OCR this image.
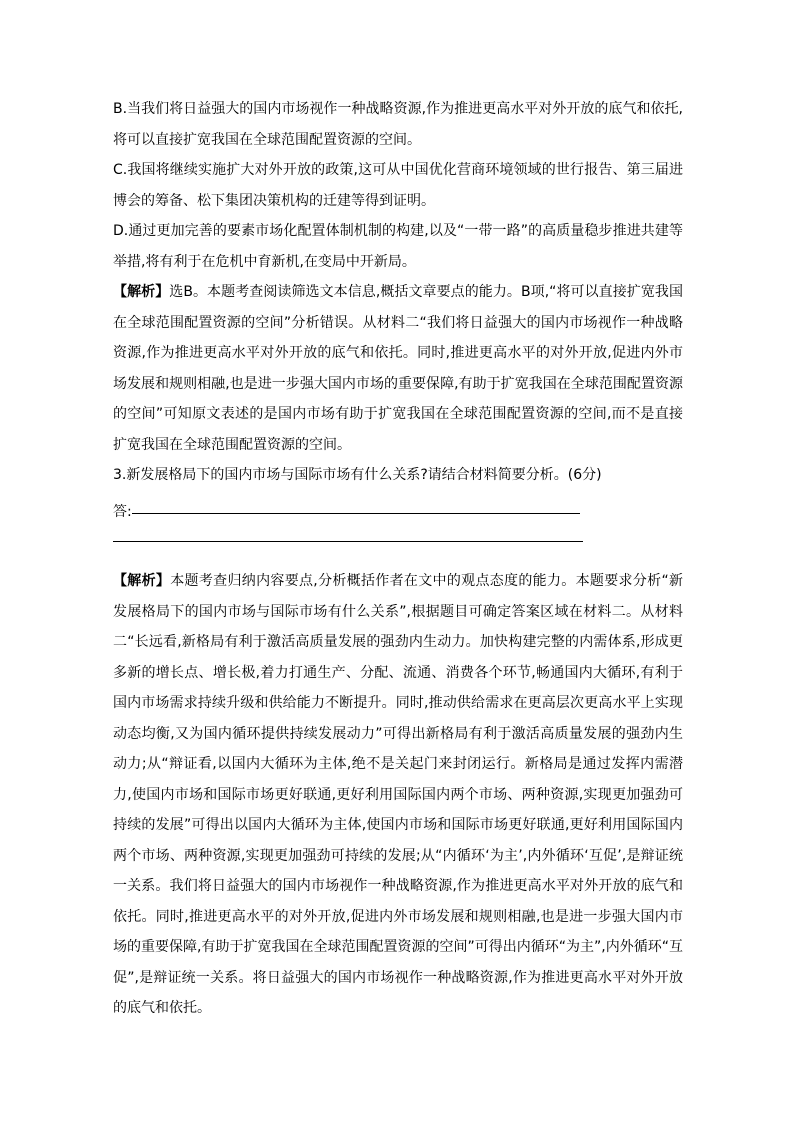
B.当我们将日益强大的国内市场视作一种战略资源,作为推进更高水平对外开放的底气和依托,将可以直接扩宽我国在全球范围配置资源的空间。

C.我国将继续实施扩大对外开放的政策,这可从中国优化营商环境领域的世行报告、第三届进博会的筹备、松下集团决策机构的迁建等得到证明。

D.通过更加完善的要素市场化配置体制机制的构建,以及“一带一路”的高质量稳步推进共建等举措,将有利于在危机中育新机,在变局中开新局。

【解析】选B。本题考查阅读筛选文本信息,概括文章要点的能力。B项,“将可以直接扩宽我国在全球范围配置资源的空间”分析错误。从材料二“我们将日益强大的国内市场视作一种战略资源,作为推进更高水平对外开放的底气和依托。同时,推进更高水平的对外开放,促进内外市场发展和规则相融,也是进一步强大国内市场的重要保障,有助于扩宽我国在全球范围配置资源的空间”可知原文表述的是国内市场有助于扩宽我国在全球范围配置资源的空间,而不是直接扩宽我国在全球范围配置资源的空间。

3.新发展格局下的国内市场与国际市场有什么关系?请结合材料简要分析。(6分)

答:

【解析】本题考查归纳内容要点,分析概括作者在文中的观点态度的能力。本题要求分析“新发展格局下的国内市场与国际市场有什么关系”,根据题目可确定答案区域在材料二。从材料二“长远看,新格局有利于激活高质量发展的强劲内生动力。加快构建完整的内需体系,形成更多新的增长点、增长极,着力打通生产、分配、流通、消费各个环节,畅通国内大循环,有利于国内市场需求持续升级和供给能力不断提升。同时,推动供给需求在更高层次更高水平上实现动态均衡,又为国内循环提供持续发展动力”可得出新格局有利于激活高质量发展的强劲内生动力;从“辩证看,以国内大循环为主体,绝不是关起门来封闭运行。新格局是通过发挥内需潜力,使国内市场和国际市场更好联通,更好利用国际国内两个市场、两种资源,实现更加强劲可持续的发展”可得出以国内大循环为主体,使国内市场和国际市场更好联通,更好利用国际国内两个市场、两种资源,实现更加强劲可持续的发展;从“内循环‘为主’,内外循环‘互促’,是辩证统一关系。我们将日益强大的国内市场视作一种战略资源,作为推进更高水平对外开放的底气和依托。同时,推进更高水平的对外开放,促进内外市场发展和规则相融,也是进一步强大国内市场的重要保障,有助于扩宽我国在全球范围配置资源的空间”可得出内循环“为主”,内外循环“互促”,是辩证统一关系。将日益强大的国内市场视作一种战略资源,作为推进更高水平对外开放的底气和依托。
